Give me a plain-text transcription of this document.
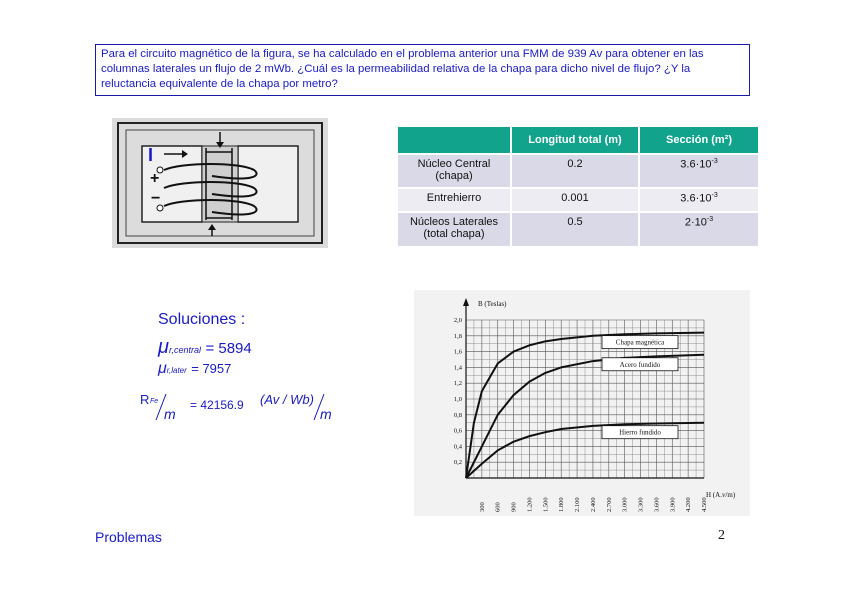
Para el circuito magnético de la figura, se ha calculado en el problema anterior una FMM de 939 Av para obtener en las columnas laterales un flujo de 2 mWb. ¿Cuál es la permeabilidad relativa de la chapa para dicho nivel de flujo? ¿Y la reluctancia equivalente de la chapa por metro?
I
+
−
	Longitud total (m)	Sección (m²)
Núcleo Central (chapa)	0.2	$3.6\cdot 10^{-3}$
Entrehierro	0.001	$3.6\cdot 10^{-3}$
Núcleos Laterales (total chapa)	0.5	$2\cdot 10^{-3}$
Soluciones :
μr,central = 5894
μr,later = 7957
R Fe
m
= 42156.9 (Av / Wb)
m
300 600 900 1.200 1.500 1.800 2.100 2.400 2.700 3.000 3.300 3.600 3.900 4.200 4.500
0,2
0,4
0,6
0,8
1,0
1,2
1,4
1,6
1,8
2,0
Chapa magnética
Acero fundido
Hierro fundido
B (Teslas)
H (A.v/m)
Problemas	2
